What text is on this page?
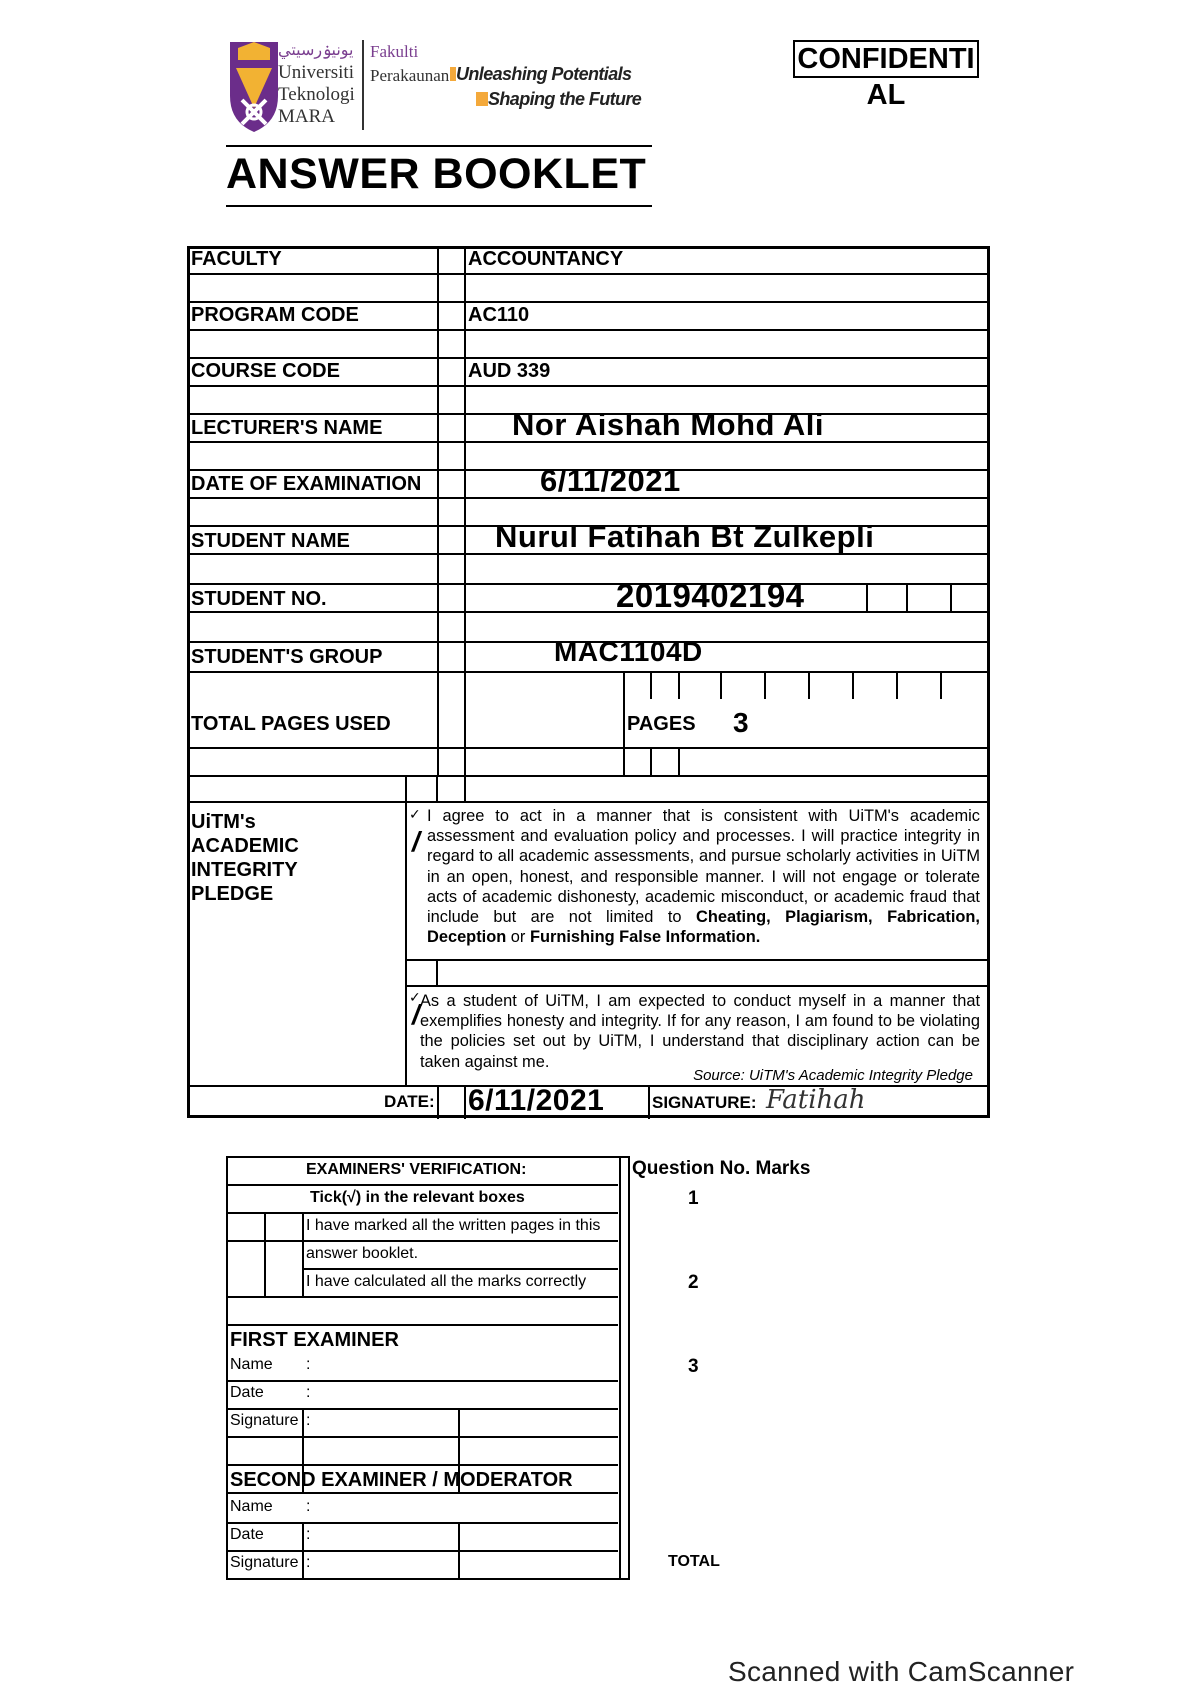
يونيۏرسيتي
Universiti
Teknologi
MARA
Fakulti
Perakaunan Unleashing Potentials
Shaping the Future
CONFIDENTI
AL
ANSWER BOOKLET
FACULTY	ACCOUNTANCY
PROGRAM CODE	AC110
COURSE CODE	AUD 339
LECTURER'S NAME	Nor Aishah Mohd Ali
DATE OF EXAMINATION	6/11/2021
STUDENT NAME	Nurul Fatihah Bt Zulkepli
STUDENT NO.	2019402194
STUDENT'S GROUP	MAC1104D
TOTAL PAGES USED	PAGES 3
UiTM's
ACADEMIC
INTEGRITY
PLEDGE
✓
/
I agree to act in a manner that is consistent with UiTM's academic assessment and evaluation policy and processes. I will practice integrity in regard to all academic assessments, and pursue scholarly activities in UiTM in an open, honest, and responsible manner. I will not engage or tolerate acts of academic dishonesty, academic misconduct, or academic fraud that include but are not limited to Cheating, Plagiarism, Fabrication, Deception or Furnishing False Information.
✓
/ As a student of UiTM, I am expected to conduct myself in a manner that exemplifies honesty and integrity. If for any reason, I am found to be violating the policies set out by UiTM, I understand that disciplinary action can be taken against me.
Source: UiTM's Academic Integrity Pledge
DATE: 6/11/2021	SIGNATURE: Fatihah
EXAMINERS' VERIFICATION:
Tick(√) in the relevant boxes
I have marked all the written pages in this
answer booklet.
I have calculated all the marks correctly
FIRST EXAMINER
Name :
Date	:
Signature :
SECOND EXAMINER / MODERATOR
Name :
Date	:
Signature :
Question No. Marks
1
2
3
TOTAL
Scanned with CamScanner
